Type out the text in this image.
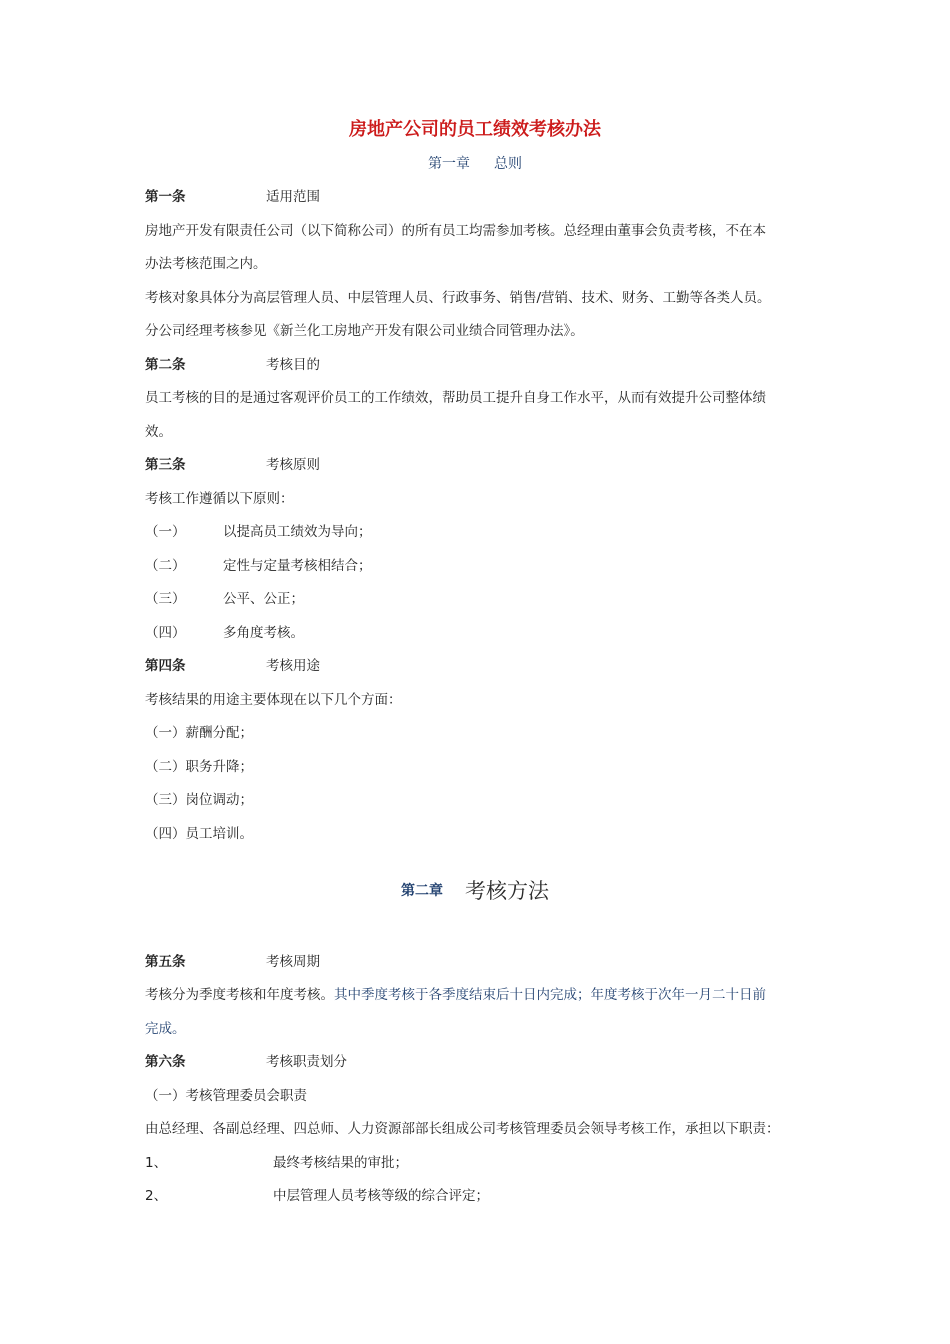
房地产公司的员工绩效考核办法
第一章 总则
第一条	适用范围
房地产开发有限责任公司（以下简称公司）的所有员工均需参加考核。总经理由董事会负责考核，不在本
办法考核范围之内。
考核对象具体分为高层管理人员、中层管理人员、行政事务、销售/营销、技术、财务、工勤等各类人员。
分公司经理考核参见《新兰化工房地产开发有限公司业绩合同管理办法》。
第二条	考核目的
员工考核的目的是通过客观评价员工的工作绩效，帮助员工提升自身工作水平，从而有效提升公司整体绩
效。
第三条	考核原则
考核工作遵循以下原则：
（一）	以提高员工绩效为导向；
（二）	定性与定量考核相结合；
（三）	公平、公正；
（四）	多角度考核。
第四条	考核用途
考核结果的用途主要体现在以下几个方面：
（一）薪酬分配；
（二）职务升降；
（三）岗位调动；
（四）员工培训。
第二章 考核方法
第五条	考核周期
考核分为季度考核和年度考核。其中季度考核于各季度结束后十日内完成；年度考核于次年一月二十日前
完成。
第六条	考核职责划分
（一）考核管理委员会职责
由总经理、各副总经理、四总师、人力资源部部长组成公司考核管理委员会领导考核工作，承担以下职责：
1、	最终考核结果的审批；
2、	中层管理人员考核等级的综合评定；
